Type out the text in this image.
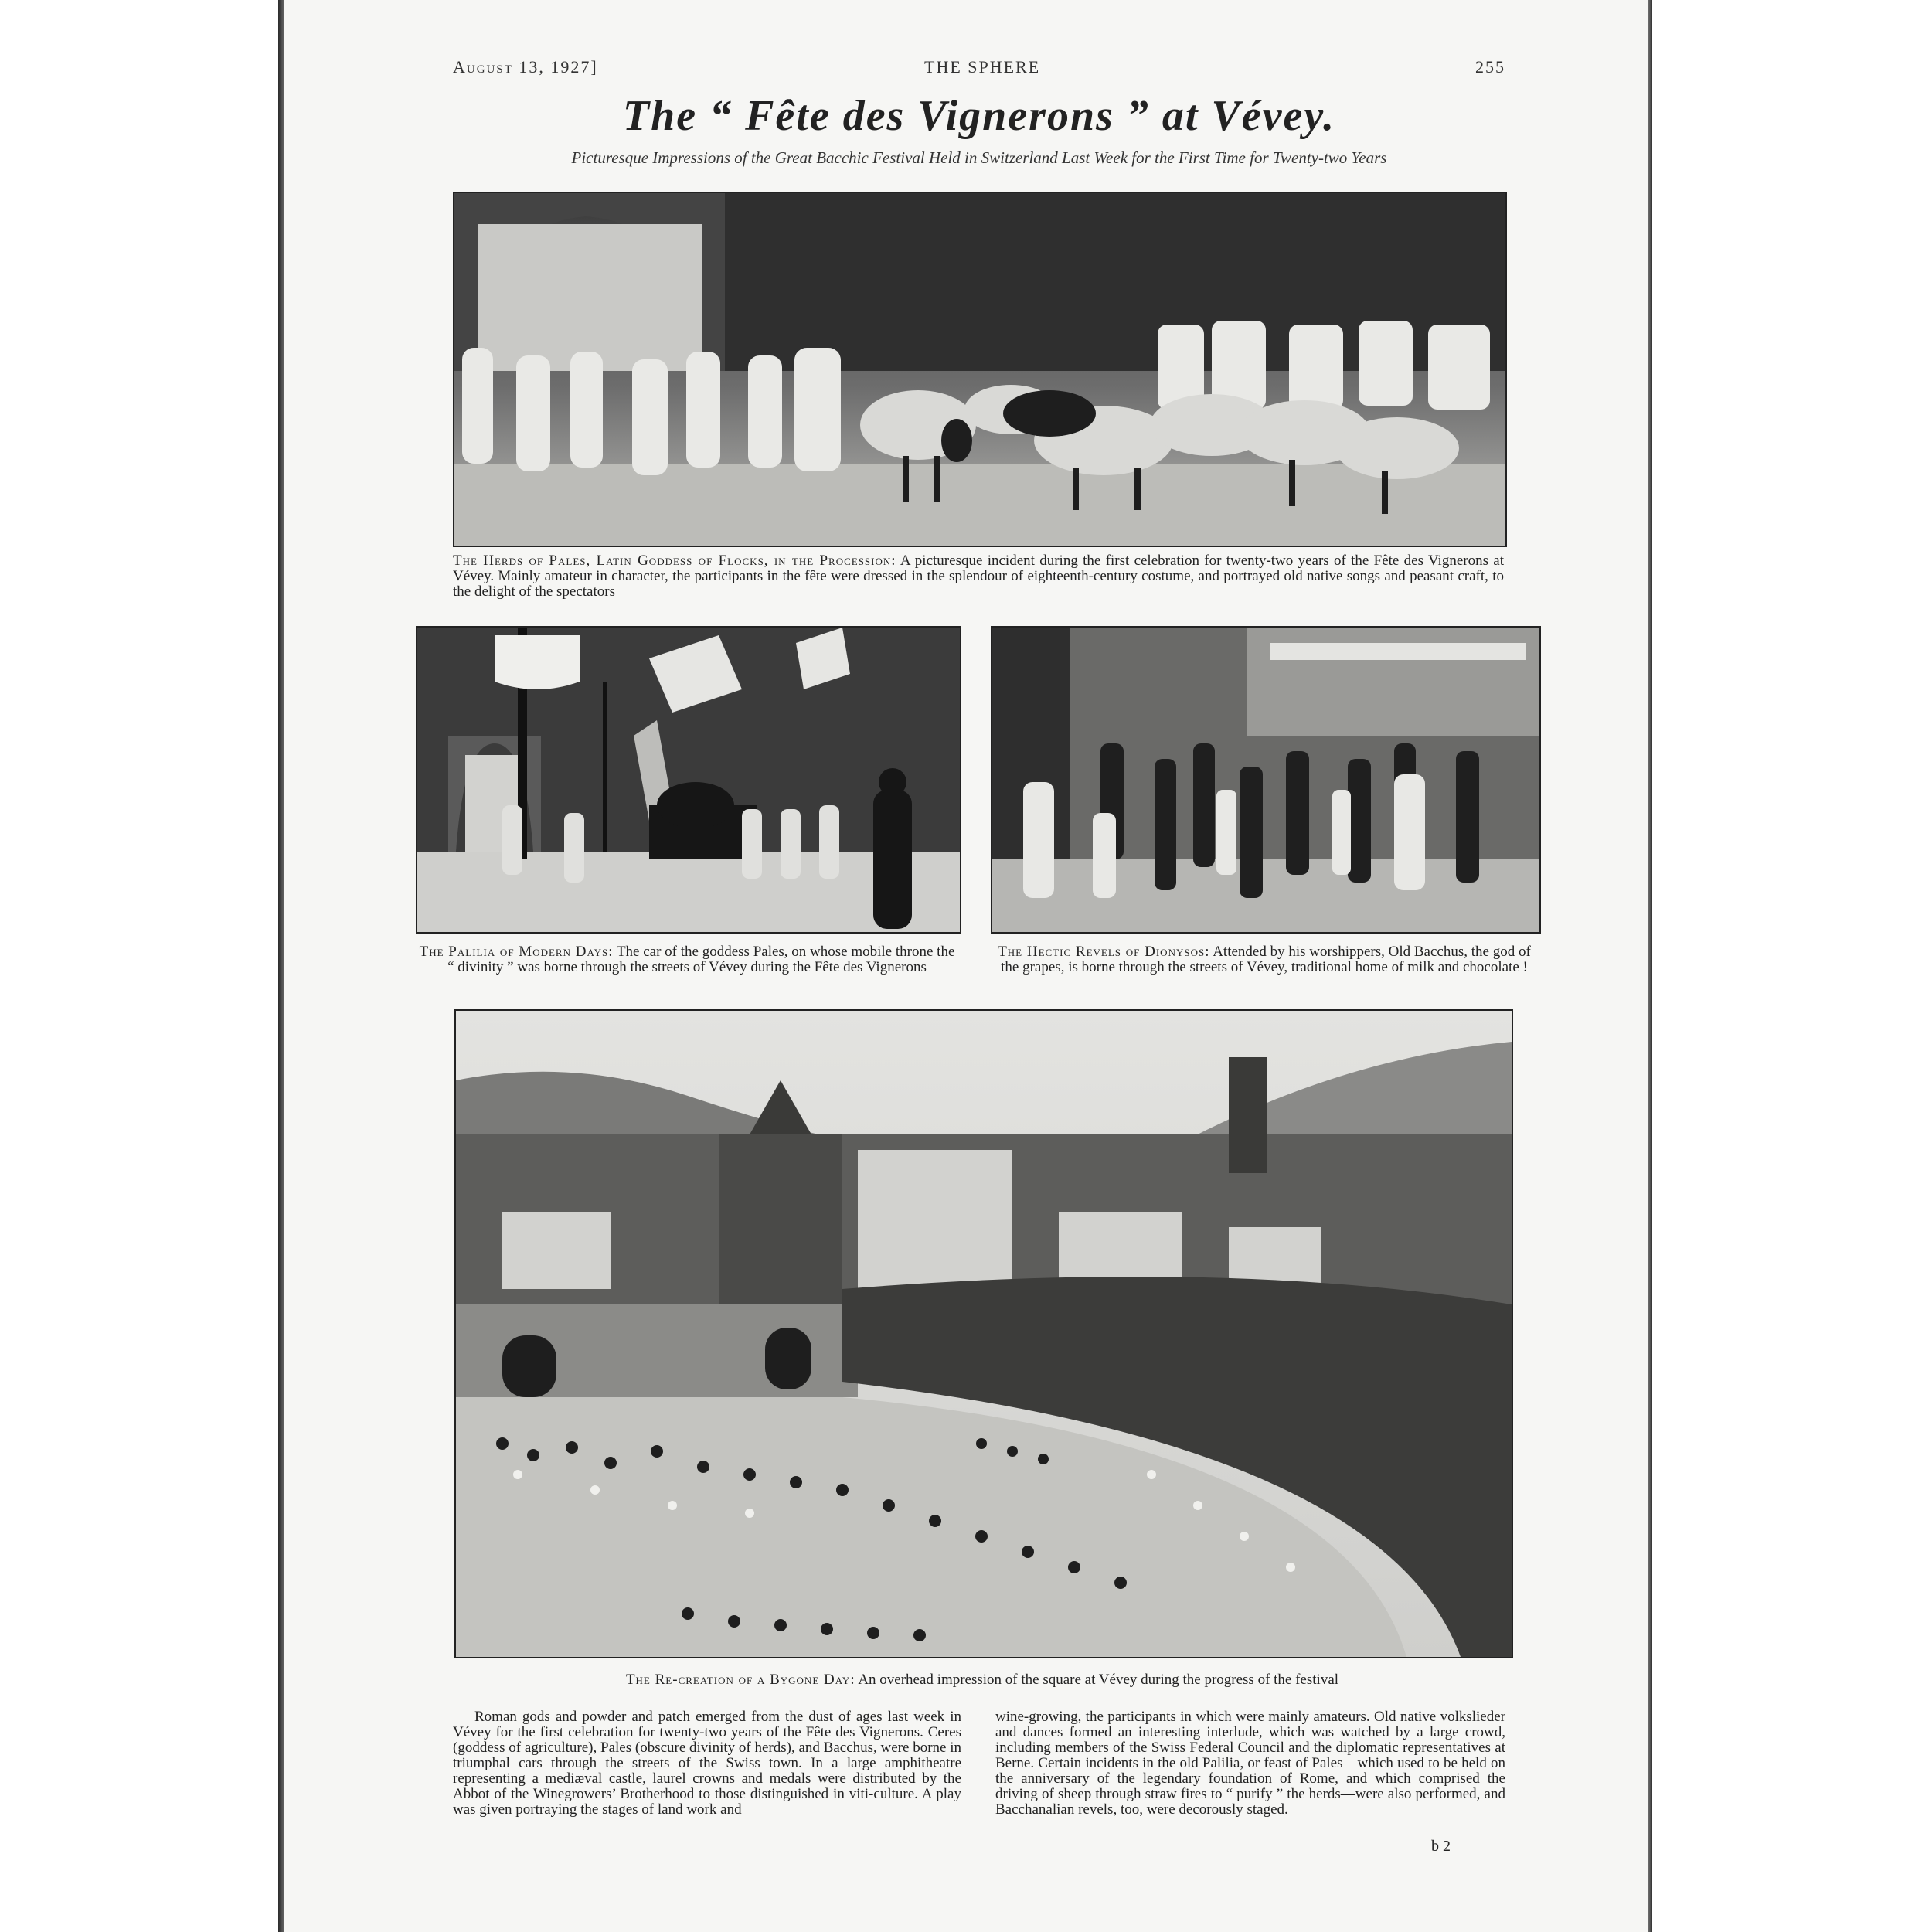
August 13, 1927]	THE SPHERE	255
The “ Fête des Vignerons ” at Vévey.
Picturesque Impressions of the Great Bacchic Festival Held in Switzerland Last Week for the First Time for Twenty-two Years
The Herds of Pales, Latin Goddess of Flocks, in the Procession: A picturesque incident during the first celebration for twenty-two years of the Fête des Vignerons at Vévey. Mainly amateur in character, the participants in the fête were dressed in the splendour of eighteenth-century costume, and portrayed old native songs and peasant craft, to the delight of the spectators
The Palilia of Modern Days: The car of the goddess Pales, on whose mobile throne the “ divinity ” was borne through the streets of Vévey during the Fête des Vignerons
The Hectic Revels of Dionysos: Attended by his worshippers, Old Bacchus, the god of the grapes, is borne through the streets of Vévey, traditional home of milk and chocolate !
The Re-creation of a Bygone Day: An overhead impression of the square at Vévey during the progress of the festival
Roman gods and powder and patch emerged from the dust of ages last week in Vévey for the first celebration for twenty-two years of the Fête des Vignerons. Ceres (goddess of agriculture), Pales (obscure divinity of herds), and Bacchus, were borne in triumphal cars through the streets of the Swiss town. In a large amphitheatre representing a mediæval castle, laurel crowns and medals were distributed by the Abbot of the Winegrowers’ Brotherhood to those distinguished in viti-culture. A play was given portraying the stages of land work and
wine-growing, the participants in which were mainly amateurs. Old native volkslieder and dances formed an interesting interlude, which was watched by a large crowd, including members of the Swiss Federal Council and the diplomatic representatives at Berne. Certain incidents in the old Palilia, or feast of Pales—which used to be held on the anniversary of the legendary foundation of Rome, and which comprised the driving of sheep through straw fires to “ purify ” the herds—were also performed, and Bacchanalian revels, too, were decorously staged.
b 2
